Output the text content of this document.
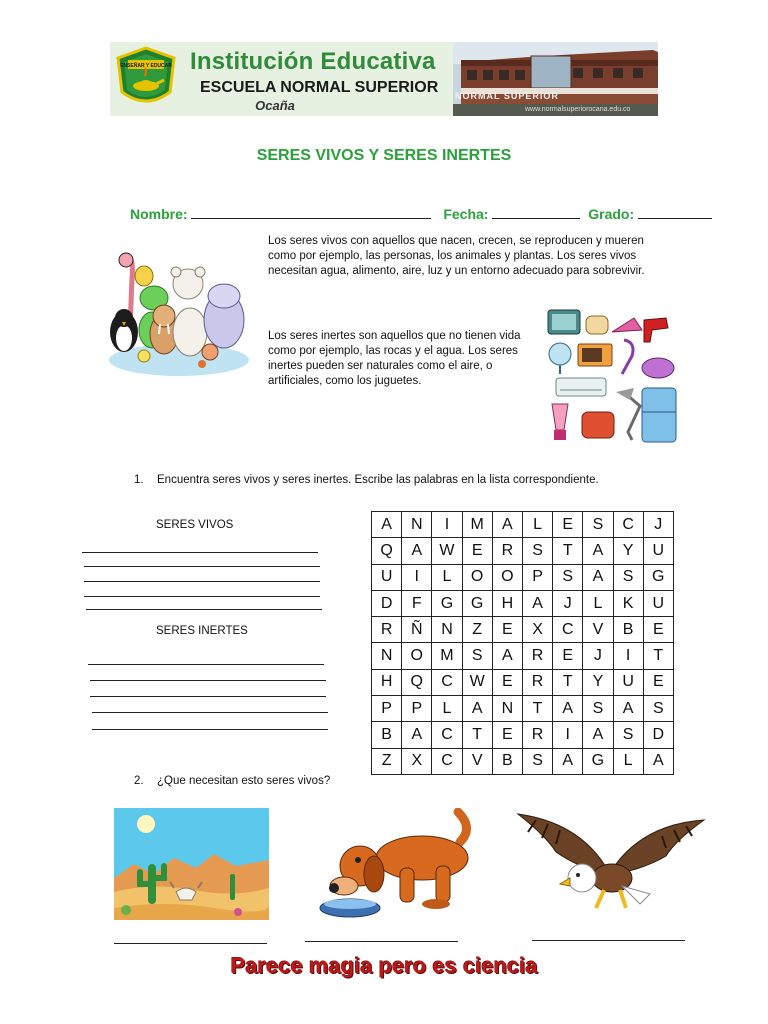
ENSEÑAR Y EDUCAR Institución Educativa
ESCUELA NORMAL SUPERIOR
Ocaña
NORMAL SUPERIOR
www.normalsuperiorocana.edu.co
SERES VIVOS Y SERES INERTES
Nombre:	Fecha:	Grado:
Los seres vivos con aquellos que nacen, crecen, se reproducen y mueren como por ejemplo, las personas, los animales y plantas. Los seres vivos necesitan agua, alimento, aire, luz y un entorno adecuado para sobrevivir.
Los seres inertes son aquellos que no tienen vida como por ejemplo, las rocas y el agua. Los seres inertes pueden ser naturales como el aire, o artificiales, como los juguetes.
1. Encuentra seres vivos y seres inertes. Escribe las palabras en la lista correspondiente.
SERES VIVOS
SERES INERTES
A	N	I	M	A	L	E	S	C	J
Q	A	W	E	R	S	T	A	Y	U
U	I	L	O	O	P	S	A	S	G
D	F	G	G	H	A	J	L	K	U
R	Ñ	N	Z	E	X	C	V	B	E
N	O	M	S	A	R	E	J	I	T
H	Q	C	W	E	R	T	Y	U	E
P	P	L	A	N	T	A	S	A	S
B	A	C	T	E	R	I	A	S	D
Z	X	C	V	B	S	A	G	L	A
2. ¿Que necesitan esto seres vivos?
iStock
Parece magia pero es ciencia
